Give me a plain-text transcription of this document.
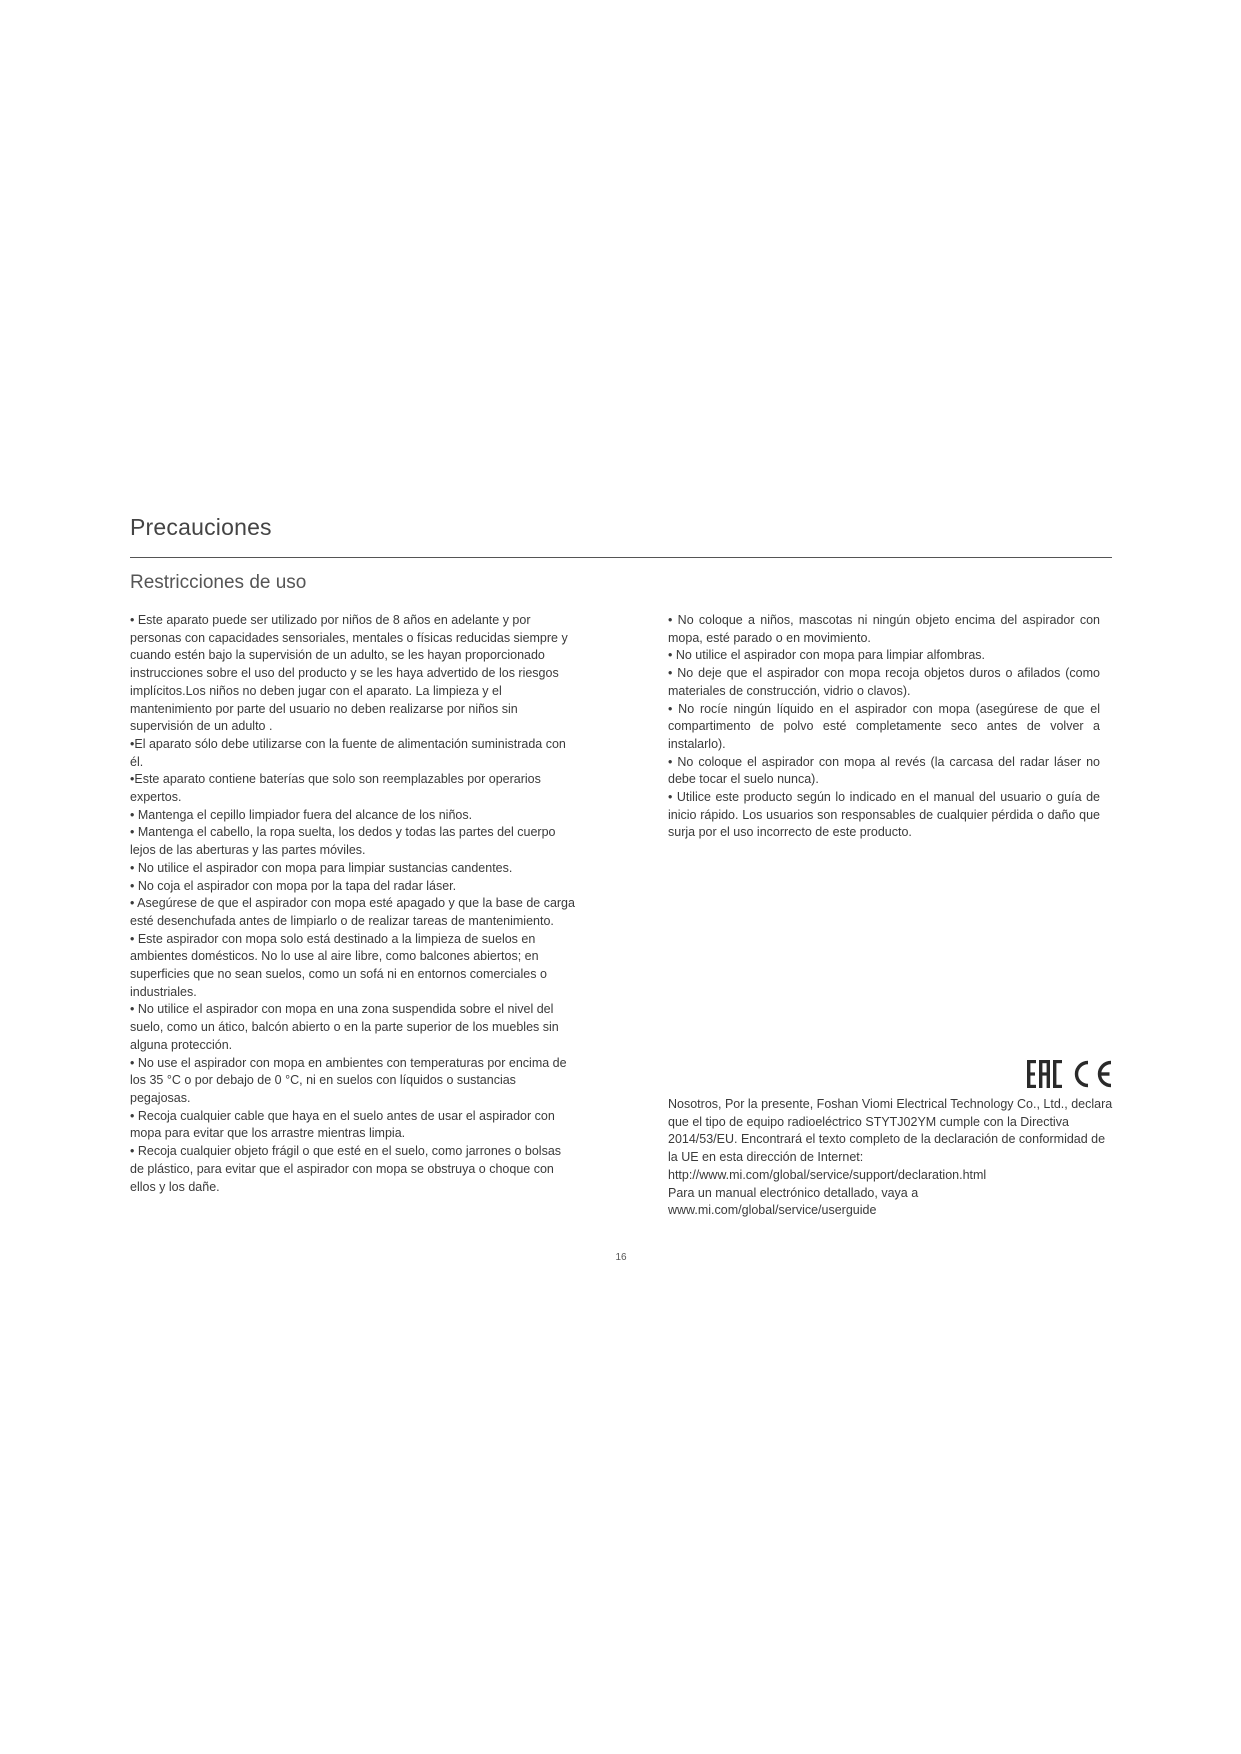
Precauciones
Restricciones de uso

• Este aparato puede ser utilizado por niños de 8 años en adelante y por personas con capacidades sensoriales, mentales o físicas reducidas siempre y cuando estén bajo la supervisión de un adulto, se les hayan proporcionado instrucciones sobre el uso del producto y se les haya advertido de los riesgos implícitos.Los niños no deben jugar con el aparato. La limpieza y el mantenimiento por parte del usuario no deben realizarse por niños sin supervisión de un adulto .

•El aparato sólo debe utilizarse con la fuente de alimentación suministrada con él.

•Este aparato contiene baterías que solo son reemplazables por operarios expertos.

• Mantenga el cepillo limpiador fuera del alcance de los niños.

• Mantenga el cabello, la ropa suelta, los dedos y todas las partes del cuerpo lejos de las aberturas y las partes móviles.

• No utilice el aspirador con mopa para limpiar sustancias candentes.

• No coja el aspirador con mopa por la tapa del radar láser.

• Asegúrese de que el aspirador con mopa esté apagado y que la base de carga esté desenchufada antes de limpiarlo o de realizar tareas de mantenimiento.

• Este aspirador con mopa solo está destinado a la limpieza de suelos en ambientes domésticos. No lo use al aire libre, como balcones abiertos; en superficies que no sean suelos, como un sofá ni en entornos comerciales o industriales.

• No utilice el aspirador con mopa en una zona suspendida sobre el nivel del suelo, como un ático, balcón abierto o en la parte superior de los muebles sin alguna protección.

• No use el aspirador con mopa en ambientes con temperaturas por encima de los 35 °C o por debajo de 0 °C, ni en suelos con líquidos o sustancias pegajosas.

• Recoja cualquier cable que haya en el suelo antes de usar el aspirador con mopa para evitar que los arrastre mientras limpia.

• Recoja cualquier objeto frágil o que esté en el suelo, como jarrones o bolsas de plástico, para evitar que el aspirador con mopa se obstruya o choque con ellos y los dañe.

• No coloque a niños, mascotas ni ningún objeto encima del aspirador con mopa, esté parado o en movimiento.

• No utilice el aspirador con mopa para limpiar alfombras.

• No deje que el aspirador con mopa recoja objetos duros o afilados (como materiales de construcción, vidrio o clavos).

• No rocíe ningún líquido en el aspirador con mopa (asegúrese de que el compartimento de polvo esté completamente seco antes de volver a instalarlo).

• No coloque el aspirador con mopa al revés (la carcasa del radar láser no debe tocar el suelo nunca).

• Utilice este producto según lo indicado en el manual del usuario o guía de inicio rápido. Los usuarios son responsables de cualquier pérdida o daño que surja por el uso incorrecto de este producto.

Nosotros, Por la presente, Foshan Viomi Electrical Technology Co., Ltd., declara que el tipo de equipo radioeléctrico STYTJ02YM cumple con la Directiva 2014/53/EU. Encontrará el texto completo de la declaración de conformidad de la UE en esta dirección de Internet: http://www.mi.com/global/service/support/declaration.html

Para un manual electrónico detallado, vaya a www.mi.com/global/service/userguide

16
